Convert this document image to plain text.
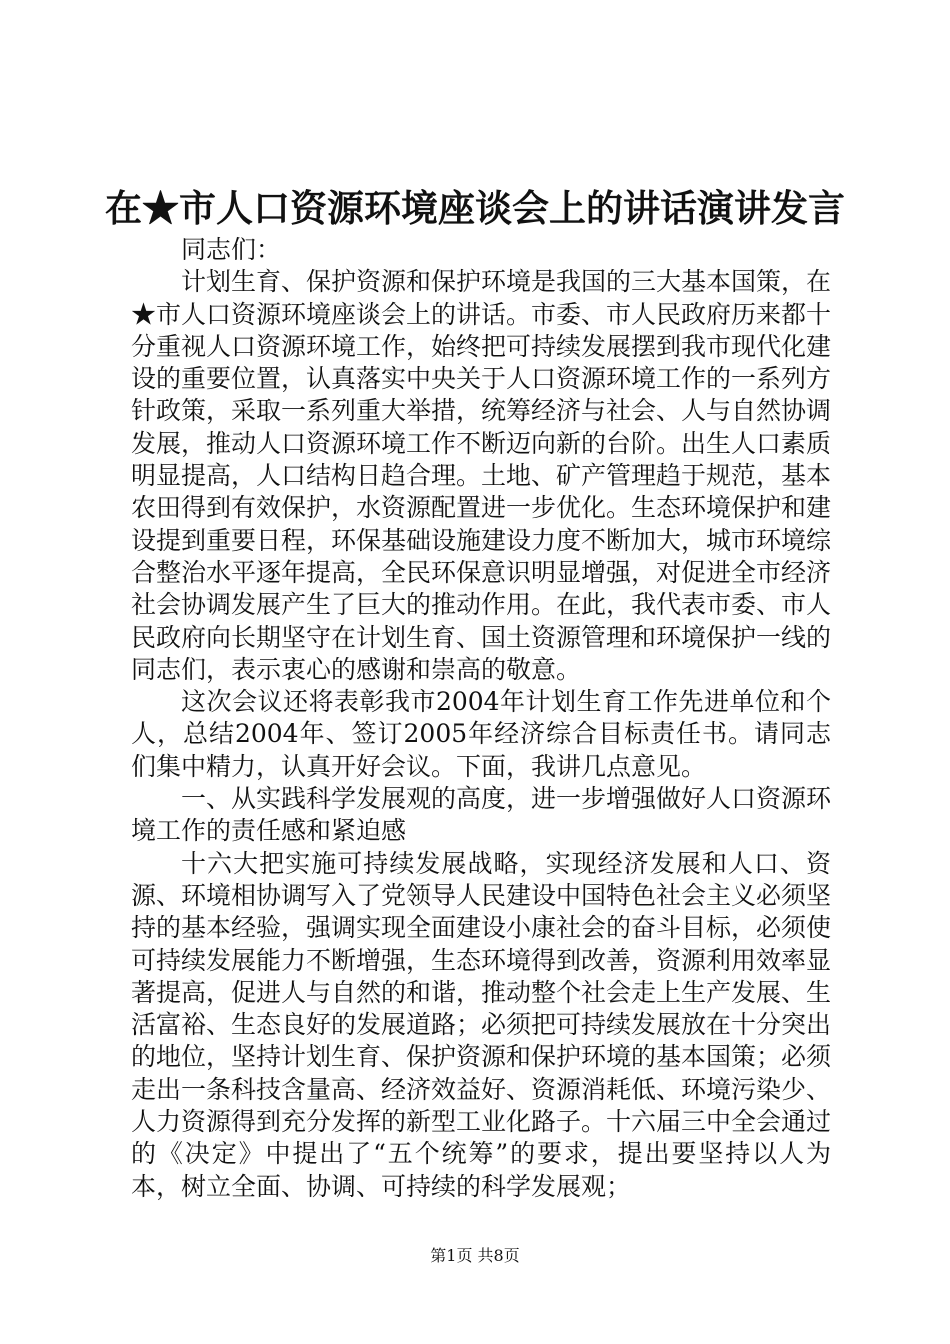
在★市人口资源环境座谈会上的讲话演讲发言

同志们：

计划生育、保护资源和保护环境是我国的三大基本国策，在★市人口资源环境座谈会上的讲话。市委、市人民政府历来都十分重视人口资源环境工作，始终把可持续发展摆到我市现代化建设的重要位置，认真落实中央关于人口资源环境工作的一系列方针政策，采取一系列重大举措，统筹经济与社会、人与自然协调发展，推动人口资源环境工作不断迈向新的台阶。出生人口素质明显提高，人口结构日趋合理。土地、矿产管理趋于规范，基本农田得到有效保护，水资源配置进一步优化。生态环境保护和建设提到重要日程，环保基础设施建设力度不断加大，城市环境综合整治水平逐年提高，全民环保意识明显增强，对促进全市经济社会协调发展产生了巨大的推动作用。在此，我代表市委、市人民政府向长期坚守在计划生育、国土资源管理和环境保护一线的同志们，表示衷心的感谢和崇高的敬意。

这次会议还将表彰我市2004年计划生育工作先进单位和个人，总结2004年、签订2005年经济综合目标责任书。请同志们集中精力，认真开好会议。下面，我讲几点意见。

一、从实践科学发展观的高度，进一步增强做好人口资源环境工作的责任感和紧迫感

十六大把实施可持续发展战略，实现经济发展和人口、资源、环境相协调写入了党领导人民建设中国特色社会主义必须坚持的基本经验，强调实现全面建设小康社会的奋斗目标，必须使可持续发展能力不断增强，生态环境得到改善，资源利用效率显著提高，促进人与自然的和谐，推动整个社会走上生产发展、生活富裕、生态良好的发展道路；必须把可持续发展放在十分突出的地位，坚持计划生育、保护资源和保护环境的基本国策；必须走出一条科技含量高、经济效益好、资源消耗低、环境污染少、人力资源得到充分发挥的新型工业化路子。十六届三中全会通过的《决定》中提出了“五个统筹”的要求，提出要坚持以人为本，树立全面、协调、可持续的科学发展观；

第1页 共8页
